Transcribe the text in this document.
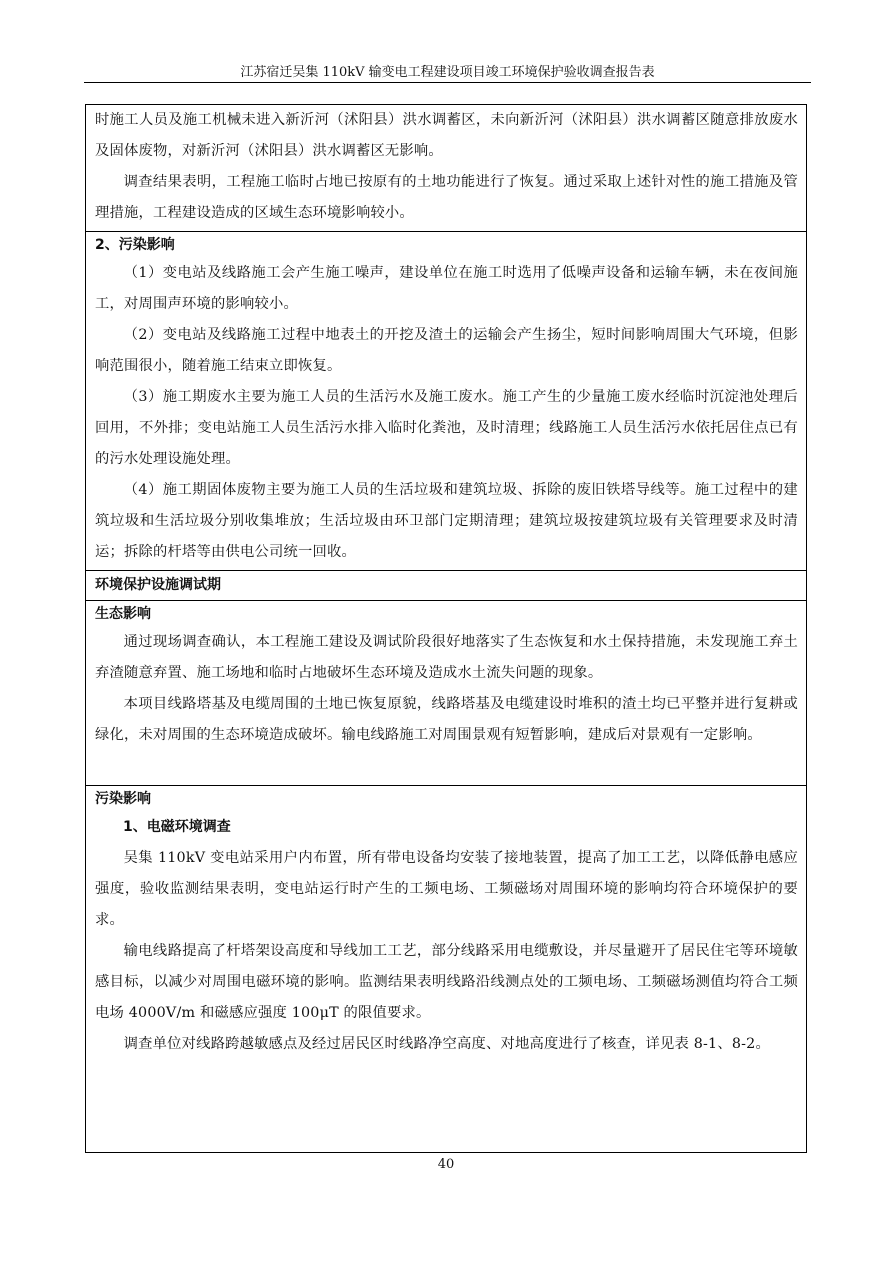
江苏宿迁吴集 110kV 输变电工程建设项目竣工环境保护验收调查报告表

时施工人员及施工机械未进入新沂河（沭阳县）洪水调蓄区，未向新沂河（沭阳县）洪水调蓄区随意排放废水及固体废物，对新沂河（沭阳县）洪水调蓄区无影响。

调查结果表明，工程施工临时占地已按原有的土地功能进行了恢复。通过采取上述针对性的施工措施及管理措施，工程建设造成的区域生态环境影响较小。

2、污染影响

（1）变电站及线路施工会产生施工噪声，建设单位在施工时选用了低噪声设备和运输车辆，未在夜间施工，对周围声环境的影响较小。

（2）变电站及线路施工过程中地表土的开挖及渣土的运输会产生扬尘，短时间影响周围大气环境，但影响范围很小，随着施工结束立即恢复。

（3）施工期废水主要为施工人员的生活污水及施工废水。施工产生的少量施工废水经临时沉淀池处理后回用，不外排；变电站施工人员生活污水排入临时化粪池，及时清理；线路施工人员生活污水依托居住点已有的污水处理设施处理。

（4）施工期固体废物主要为施工人员的生活垃圾和建筑垃圾、拆除的废旧铁塔导线等。施工过程中的建筑垃圾和生活垃圾分别收集堆放；生活垃圾由环卫部门定期清理；建筑垃圾按建筑垃圾有关管理要求及时清运；拆除的杆塔等由供电公司统一回收。

环境保护设施调试期
生态影响

通过现场调查确认，本工程施工建设及调试阶段很好地落实了生态恢复和水土保持措施，未发现施工弃土弃渣随意弃置、施工场地和临时占地破坏生态环境及造成水土流失问题的现象。

本项目线路塔基及电缆周围的土地已恢复原貌，线路塔基及电缆建设时堆积的渣土均已平整并进行复耕或绿化，未对周围的生态环境造成破坏。输电线路施工对周围景观有短暂影响，建成后对景观有一定影响。

污染影响
1、电磁环境调查

吴集 110kV 变电站采用户内布置，所有带电设备均安装了接地装置，提高了加工工艺，以降低静电感应强度，验收监测结果表明，变电站运行时产生的工频电场、工频磁场对周围环境的影响均符合环境保护的要求。

输电线路提高了杆塔架设高度和导线加工工艺，部分线路采用电缆敷设，并尽量避开了居民住宅等环境敏感目标，以减少对周围电磁环境的影响。监测结果表明线路沿线测点处的工频电场、工频磁场测值均符合工频电场 4000V/m 和磁感应强度 100μT 的限值要求。

调查单位对线路跨越敏感点及经过居民区时线路净空高度、对地高度进行了核查，详见表 8-1、8-2。

40
